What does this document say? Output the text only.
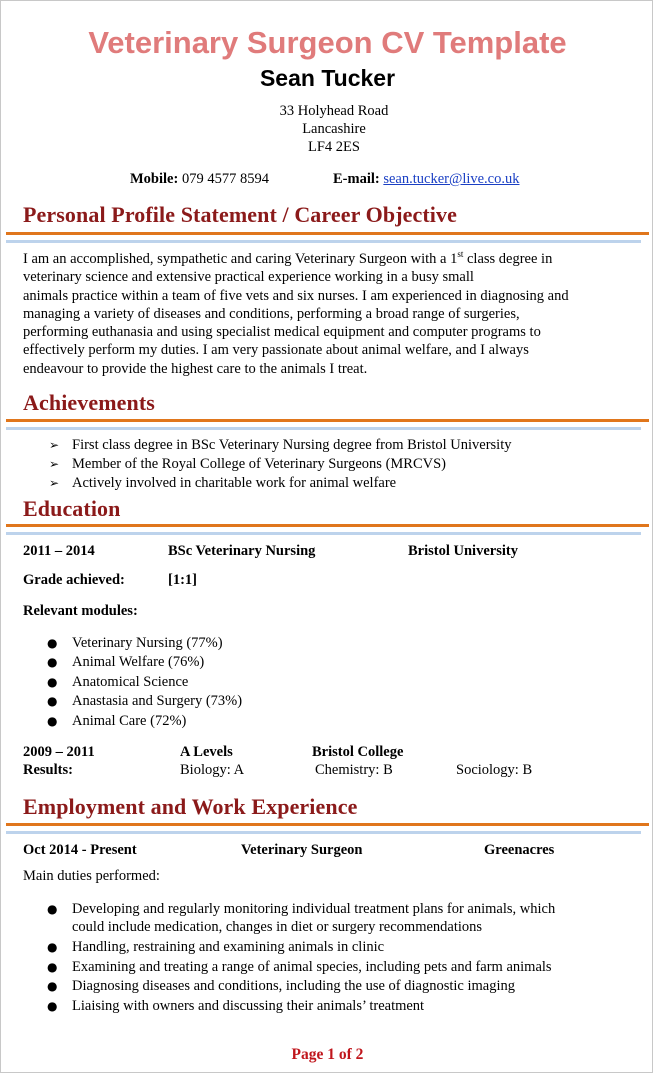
Veterinary Surgeon CV Template
Sean Tucker
33 Holyhead Road
Lancashire
LF4 2ES
Mobile: 079 4577 8594	E-mail: sean.tucker@live.co.uk
Personal Profile Statement / Career Objective
I am an accomplished, sympathetic and caring Veterinary Surgeon with a 1st class degree in
veterinary science and extensive practical experience working in a busy small
animals practice within a team of five vets and six nurses. I am experienced in diagnosing and
managing a variety of diseases and conditions, performing a broad range of surgeries,
performing euthanasia and using specialist medical equipment and computer programs to
effectively perform my duties. I am very passionate about animal welfare, and I always
endeavour to provide the highest care to the animals I treat.
Achievements
➢ First class degree in BSc Veterinary Nursing degree from Bristol University
➢ Member of the Royal College of Veterinary Surgeons (MRCVS)
➢ Actively involved in charitable work for animal welfare
Education
2011 – 2014	BSc Veterinary Nursing	Bristol University
Grade achieved:	[1:1]
Relevant modules:
● Veterinary Nursing (77%)
● Animal Welfare (76%)
● Anatomical Science
● Anastasia and Surgery (73%)
● Animal Care (72%)
2009 – 2011	A Levels	Bristol College
Results:	Biology: A	Chemistry: B	Sociology: B
Employment and Work Experience
Oct 2014 - Present	Veterinary Surgeon	Greenacres
Main duties performed:
● Developing and regularly monitoring individual treatment plans for animals, which
could include medication, changes in diet or surgery recommendations
● Handling, restraining and examining animals in clinic
● Examining and treating a range of animal species, including pets and farm animals
● Diagnosing diseases and conditions, including the use of diagnostic imaging
● Liaising with owners and discussing their animals’ treatment
Page 1 of 2
